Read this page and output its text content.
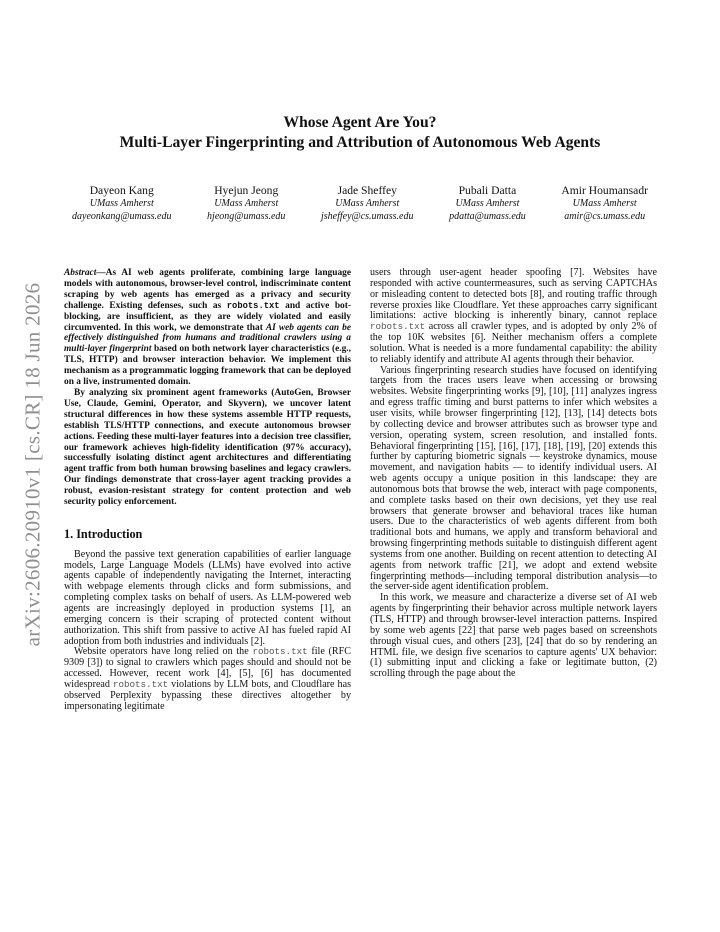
arXiv:2606.20910v1 [cs.CR] 18 Jun 2026
Whose Agent Are You?
Multi-Layer Fingerprinting and Attribution of Autonomous Web Agents
Dayeon Kang
UMass Amherst
dayeonkang@umass.edu
Hyejun Jeong
UMass Amherst
hjeong@umass.edu
Jade Sheffey
UMass Amherst
jsheffey@cs.umass.edu
Pubali Datta
UMass Amherst
pdatta@umass.edu
Amir Houmansadr
UMass Amherst
amir@cs.umass.edu

Abstract—As AI web agents proliferate, combining large language models with autonomous, browser-level control, indiscriminate content scraping by web agents has emerged as a privacy and security challenge. Existing defenses, such as robots.txt and active bot-blocking, are insufficient, as they are widely violated and easily circumvented. In this work, we demonstrate that AI web agents can be effectively distinguished from humans and traditional crawlers using a multi-layer fingerprint based on both network layer characteristics (e.g., TLS, HTTP) and browser interaction behavior. We implement this mechanism as a programmatic logging framework that can be deployed on a live, instrumented domain.

By analyzing six prominent agent frameworks (AutoGen, Browser Use, Claude, Gemini, Operator, and Skyvern), we uncover latent structural differences in how these systems assemble HTTP requests, establish TLS/HTTP connections, and execute autonomous browser actions. Feeding these multi-layer features into a decision tree classifier, our framework achieves high-fidelity identification (97% accuracy), successfully isolating distinct agent architectures and differentiating agent traffic from both human browsing baselines and legacy crawlers. Our findings demonstrate that cross-layer agent tracking provides a robust, evasion-resistant strategy for content protection and web security policy enforcement.

1. Introduction

Beyond the passive text generation capabilities of earlier language models, Large Language Models (LLMs) have evolved into active agents capable of independently navigating the Internet, interacting with webpage elements through clicks and form submissions, and completing complex tasks on behalf of users. As LLM-powered web agents are increasingly deployed in production systems [1], an emerging concern is their scraping of protected content without authorization. This shift from passive to active AI has fueled rapid AI adoption from both industries and individuals [2].

Website operators have long relied on the robots.txt file (RFC 9309 [3]) to signal to crawlers which pages should and should not be accessed. However, recent work [4], [5], [6] has documented widespread robots.txt violations by LLM bots, and Cloudflare has observed Perplexity bypassing these directives altogether by impersonating legitimate

users through user-agent header spoofing [7]. Websites have responded with active countermeasures, such as serving CAPTCHAs or misleading content to detected bots [8], and routing traffic through reverse proxies like Cloudflare. Yet these approaches carry significant limitations: active blocking is inherently binary, cannot replace robots.txt across all crawler types, and is adopted by only 2% of the top 10K websites [6]. Neither mechanism offers a complete solution. What is needed is a more fundamental capability: the ability to reliably identify and attribute AI agents through their behavior.

Various fingerprinting research studies have focused on identifying targets from the traces users leave when accessing or browsing websites. Website fingerprinting works [9], [10], [11] analyzes ingress and egress traffic timing and burst patterns to infer which websites a user visits, while browser fingerprinting [12], [13], [14] detects bots by collecting device and browser attributes such as browser type and version, operating system, screen resolution, and installed fonts. Behavioral fingerprinting [15], [16], [17], [18], [19], [20] extends this further by capturing biometric signals — keystroke dynamics, mouse movement, and navigation habits — to identify individual users. AI web agents occupy a unique position in this landscape: they are autonomous bots that browse the web, interact with page components, and complete tasks based on their own decisions, yet they use real browsers that generate browser and behavioral traces like human users. Due to the characteristics of web agents different from both traditional bots and humans, we apply and transform behavioral and browsing fingerprinting methods suitable to distinguish different agent systems from one another. Building on recent attention to detecting AI agents from network traffic [21], we adopt and extend website fingerprinting methods—including temporal distribution analysis—to the server-side agent identification problem.

In this work, we measure and characterize a diverse set of AI web agents by fingerprinting their behavior across multiple network layers (TLS, HTTP) and through browser-level interaction patterns. Inspired by some web agents [22] that parse web pages based on screenshots through visual cues, and others [23], [24] that do so by rendering an HTML file, we design five scenarios to capture agents' UX behavior: (1) submitting input and clicking a fake or legitimate button, (2) scrolling through the page about the
